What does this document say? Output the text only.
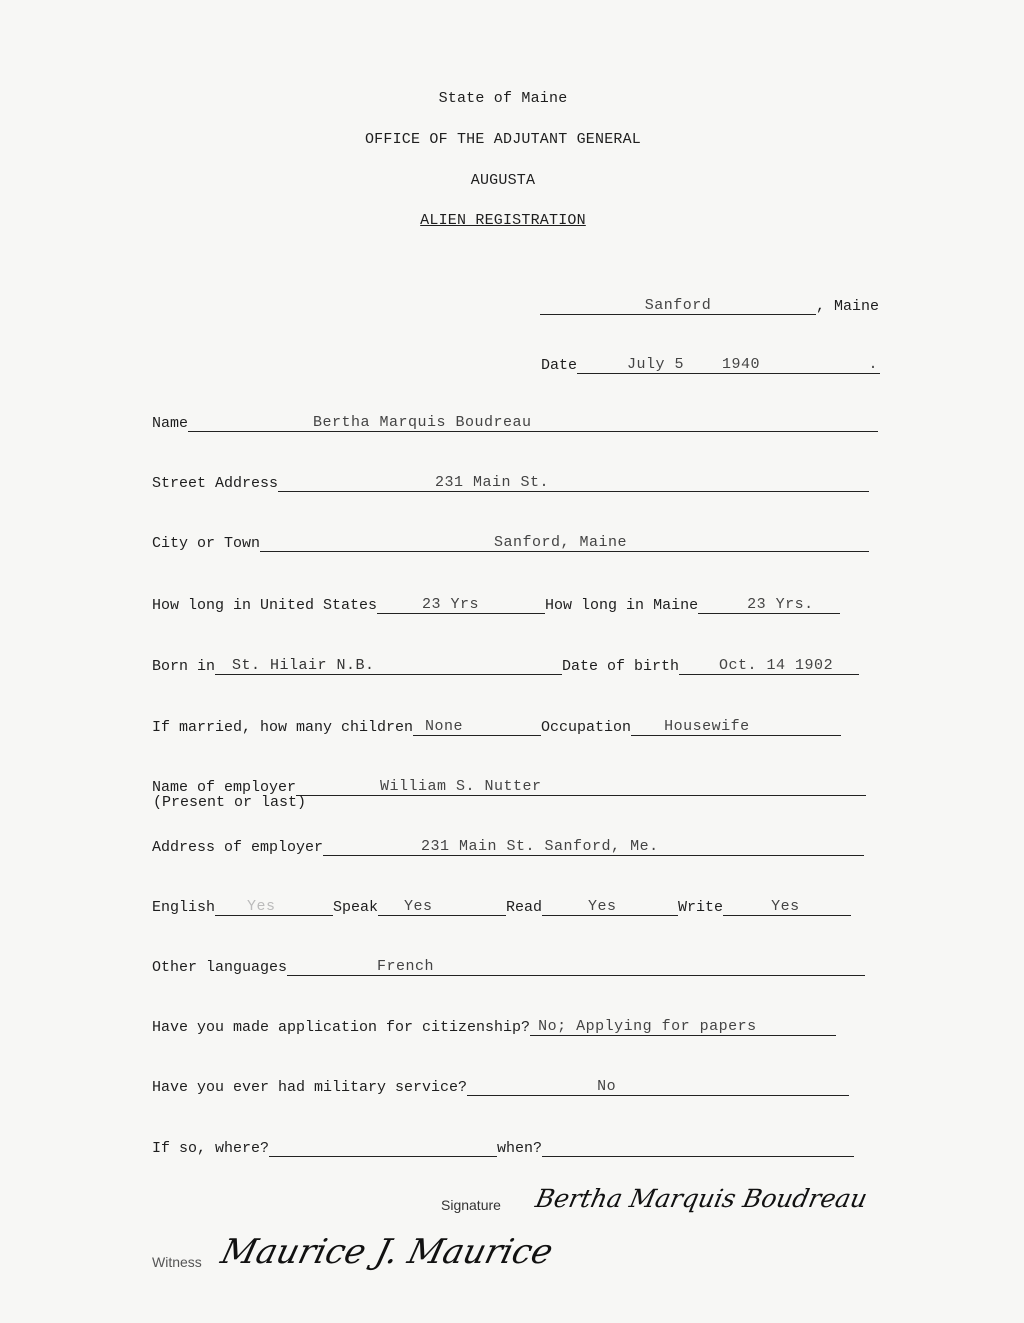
State of Maine
OFFICE OF THE ADJUTANT GENERAL
AUGUSTA
ALIEN REGISTRATION
Sanford	, Maine
Date	July 5    1940	.
Name	Bertha Marquis Boudreau
Street Address	231 Main St.
City or Town	Sanford, Maine
How long in United States	23 Yrs	How long in Maine	23 Yrs.
Born in St. Hilair N.B.	Date of birth	Oct. 14 1902
If married, how many children None	Occupation Housewife
Name of employer	William S. Nutter
(Present or last)
Address of employer	231 Main St. Sanford, Me.
English Yes	Speak Yes	Read	Yes	Write	Yes
Other languages	French
Have you made application for citizenship? No; Applying for papers
Have you ever had military service?	No
If so, where?	when?
Signature Bertha Marquis Boudreau
Witness Maurice J. Maurice
